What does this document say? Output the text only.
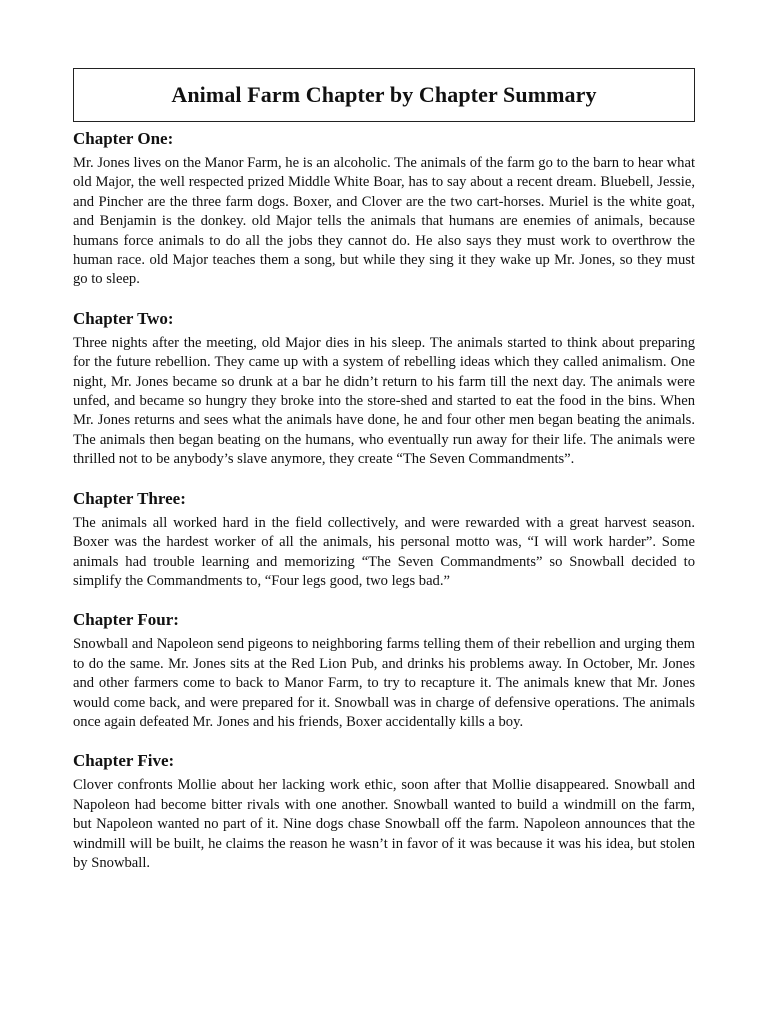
Animal Farm Chapter by Chapter Summary
Chapter One:

Mr. Jones lives on the Manor Farm, he is an alcoholic. The animals of the farm go to the barn to hear what old Major, the well respected prized Middle White Boar, has to say about a recent dream. Bluebell, Jessie, and Pincher are the three farm dogs. Boxer, and Clover are the two cart-horses. Muriel is the white goat, and Benjamin is the donkey. old Major tells the animals that humans are enemies of animals, because humans force animals to do all the jobs they cannot do. He also says they must work to overthrow the human race. old Major teaches them a song, but while they sing it they wake up Mr. Jones, so they must go to sleep.

Chapter Two:

Three nights after the meeting, old Major dies in his sleep. The animals started to think about preparing for the future rebellion. They came up with a system of rebelling ideas which they called animalism. One night, Mr. Jones became so drunk at a bar he didn’t return to his farm till the next day. The animals were unfed, and became so hungry they broke into the store-shed and started to eat the food in the bins. When Mr. Jones returns and sees what the animals have done, he and four other men began beating the animals. The animals then began beating on the humans, who eventually run away for their life. The animals were thrilled not to be anybody’s slave anymore, they create “The Seven Commandments”.

Chapter Three:

The animals all worked hard in the field collectively, and were rewarded with a great harvest season. Boxer was the hardest worker of all the animals, his personal motto was, “I will work harder”. Some animals had trouble learning and memorizing “The Seven Commandments” so Snowball decided to simplify the Commandments to, “Four legs good, two legs bad.”

Chapter Four:

Snowball and Napoleon send pigeons to neighboring farms telling them of their rebellion and urging them to do the same. Mr. Jones sits at the Red Lion Pub, and drinks his problems away. In October, Mr. Jones and other farmers come to back to Manor Farm, to try to recapture it. The animals knew that Mr. Jones would come back, and were prepared for it. Snowball was in charge of defensive operations. The animals once again defeated Mr. Jones and his friends, Boxer accidentally kills a boy.

Chapter Five:

Clover confronts Mollie about her lacking work ethic, soon after that Mollie disappeared. Snowball and Napoleon had become bitter rivals with one another. Snowball wanted to build a windmill on the farm, but Napoleon wanted no part of it. Nine dogs chase Snowball off the farm. Napoleon announces that the windmill will be built, he claims the reason he wasn’t in favor of it was because it was his idea, but stolen by Snowball.
